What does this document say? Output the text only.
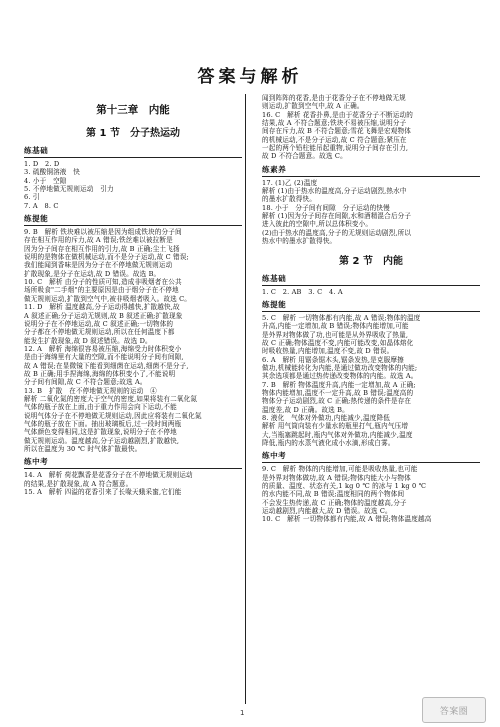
答案与解析
第十三章　内能
第 1 节　分子热运动
练基础
1. D　2. D
3. 硫酸铜溶液　快
4. 小于　空隙
5. 不停地做无规则运动　引力
6. 引
7. A　8. C
练提能
9. B　解析 铁块难以被压缩是因为组成铁块的分子间
存在相互作用的斥力,故 A 错误;铁丝难以被拉断是
因为分子间存在相互作用的引力,故 B 正确;尘土飞扬
说明的是物体在做机械运动,而不是分子运动,故 C 错误;
我们能闻到香味是因为分子在不停地做无规则运动
扩散现象,是分子在运动,故 D 错误。故选 B。
10. C　解析 由分子的性质可知,造成非吸烟者在公共
场所吸食"二手烟"的主要原因是由于烟分子在不停地
做无规则运动,扩散到空气中,被非吸烟者吸入。故选 C。
11. D　解析 温度越高,分子运动得越快,扩散越快,故
A 叙述正确;分子运动无规则,故 B 叙述正确;扩散现象
说明分子在不停地运动,故 C 叙述正确;一切物体的
分子都在不停地做无规则运动,所以在任何温度下都
能发生扩散现象,故 D 叙述错误。故选 D。
12. A　解析 海绵很容易被压缩,海绵受力时体积变小
是由于海绵里有大量的空隙,而不能说明分子间有间隙,
故 A 错误;在显微镜下能看到细菌在运动,细菌不是分子,
故 B 正确;用手捏海绵,海绵的体积变小了,不能说明
分子间有间隙,故 C 不符合题意;故选 A。
13. B　扩散　在不停地做无规则的运动　④
解析 二氧化氮的密度大于空气的密度,如果将装有二氧化氮
气体的瓶子放在上面,由于重力作用会向下运动,不能
说明气体分子在不停地做无规则运动,因此应将装有二氧化氮
气体的瓶子放在下面。抽出玻璃板后,过一段时间两瓶
气体颜色变得相同,这是扩散现象,说明分子在不停地
做无规则运动。温度越高,分子运动越剧烈,扩散越快,
所以在温度为 30 ℃ 时气体扩散最快。
练中考
14. A　解析 荷花飘香是花香分子在不停地做无规则运动
的结果,是扩散现象,故 A 符合题意。
15. A　解析 四溢的花香引来了长喙天蛾采蜜,它们能
闻到阵阵的花香,是由于花香分子在不停地做无规
则运动,扩散到空气中,故 A 正确。
16. C　解析 花香扑鼻,是由于花香分子不断运动的
结果,故 A 不符合题意;铁块不易被压缩,说明分子
间存在斥力,故 B 不符合题意;雪花飞舞是宏观物体
的机械运动,不是分子运动,故 C 符合题意;紧压在
一起的两个铅柱能吊起重物,说明分子间存在引力,
故 D 不符合题意。故选 C。
练素养
17. (1)乙 (2)温度
解析 (1)由于热水的温度高,分子运动剧烈,热水中
的墨水扩散得快。
18. 小于　分子间有间隙　分子运动的快慢
解析 (1)因为分子间存在间隙,水和酒精混合后分子
进入彼此的空隙中,所以总体积变小。
(2)由于热水的温度高,分子的无规则运动剧烈,所以
热水中的墨水扩散得快。
第 2 节　内能
练基础
1. C　2. AB　3. C　4. A
练提能
5. C　解析 一切物体都有内能,故 A 错误;物体的温度
升高,内能一定增加,故 B 错误;物体内能增加,可能
是外界对物体做了功,也可能是从外界吸收了热量,
故 C 正确;物体温度不变,内能可能改变,如晶体熔化
时吸收热量,内能增加,温度不变,故 D 错误。
6. A　解析 用锯条锯木头,锯条发热,是克服摩擦
做功,机械能转化为内能,是通过做功改变物体的内能;
其余选项都是通过热传递改变物体的内能。故选 A。
7. B　解析 物体温度升高,内能一定增加,故 A 正确;
物体内能增加,温度不一定升高,故 B 错误;温度高的
物体分子运动剧烈,故 C 正确;热传递的条件是存在
温度差,故 D 正确。故选 B。
8. 液化　气体对外做功,内能减少,温度降低
解析 用气筒向装有少量水的瓶里打气,瓶内气压增
大,当瓶塞跳起时,瓶内气体对外做功,内能减少,温度
降低,瓶内的水蒸气液化成小水滴,形成白雾。
练中考
9. C　解析 物体的内能增加,可能是吸收热量,也可能
是外界对物体做功,故 A 错误;物体内能大小与物体
的质量、温度、状态有关,1 kg 0 ℃ 的冰与 1 kg 0 ℃
的水内能不同,故 B 错误;温度相同的两个物体间
不会发生热传递,故 C 正确;物体的温度越高,分子
运动越剧烈,内能越大,故 D 错误。故选 C。
10. C　解析 一切物体都有内能,故 A 错误;物体温度越高
1	答案圈
